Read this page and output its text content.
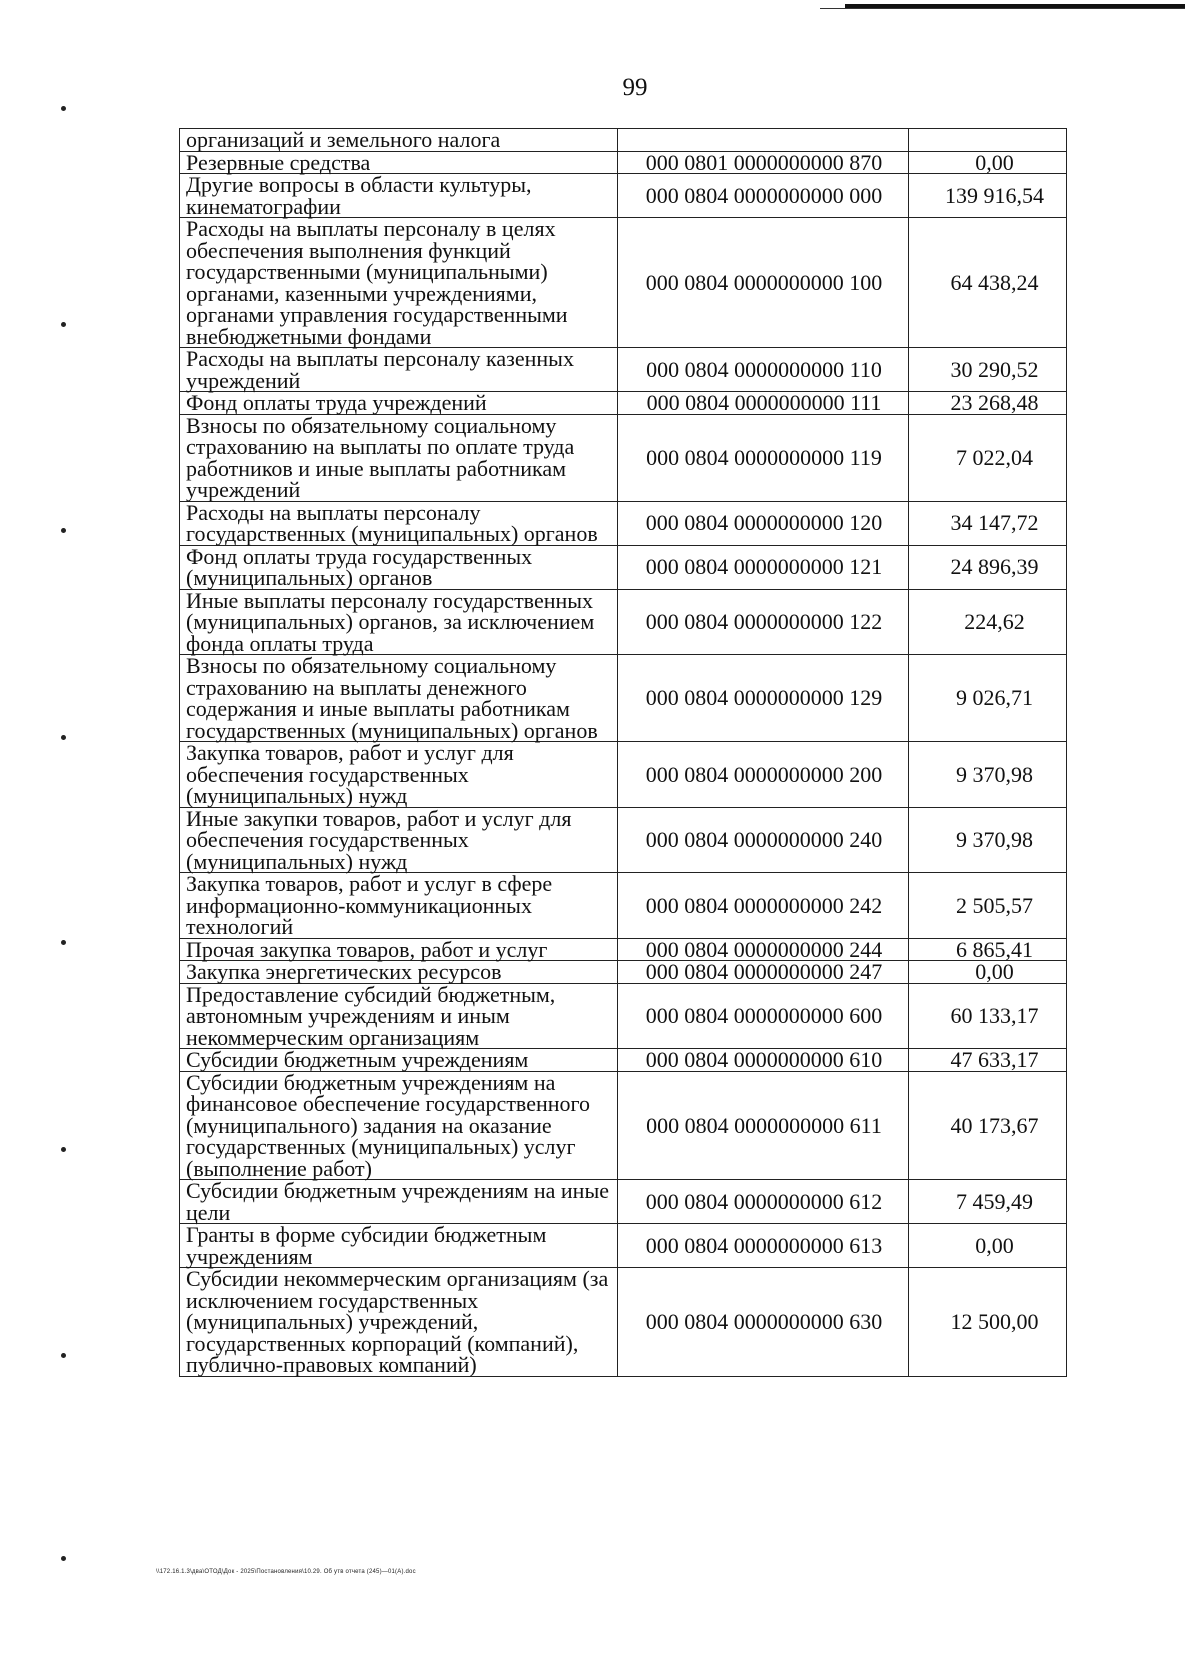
99
организаций и земельного налога		
Резервные средства	000 0801 0000000000 870	0,00
Другие вопросы в области культуры, кинематографии	000 0804 0000000000 000	139 916,54
Расходы на выплаты персоналу в целях обеспечения выполнения функций государственными (муниципальными) органами, казенными учреждениями, органами управления государственными внебюджетными фондами	000 0804 0000000000 100	64 438,24
Расходы на выплаты персоналу казенных учреждений	000 0804 0000000000 110	30 290,52
Фонд оплаты труда учреждений	000 0804 0000000000 111	23 268,48
Взносы по обязательному социальному страхованию на выплаты по оплате труда работников и иные выплаты работникам учреждений	000 0804 0000000000 119	7 022,04
Расходы на выплаты персоналу государственных (муниципальных) органов	000 0804 0000000000 120	34 147,72
Фонд оплаты труда государственных (муниципальных) органов	000 0804 0000000000 121	24 896,39
Иные выплаты персоналу государственных (муниципальных) органов, за исключением фонда оплаты труда	000 0804 0000000000 122	224,62
Взносы по обязательному социальному страхованию на выплаты денежного содержания и иные выплаты работникам государственных (муниципальных) органов	000 0804 0000000000 129	9 026,71
Закупка товаров, работ и услуг для обеспечения государственных (муниципальных) нужд	000 0804 0000000000 200	9 370,98
Иные закупки товаров, работ и услуг для обеспечения государственных (муниципальных) нужд	000 0804 0000000000 240	9 370,98
Закупка товаров, работ и услуг в сфере информационно-коммуникационных технологий	000 0804 0000000000 242	2 505,57
Прочая закупка товаров, работ и услуг	000 0804 0000000000 244	6 865,41
Закупка энергетических ресурсов	000 0804 0000000000 247	0,00
Предоставление субсидий бюджетным, автономным учреждениям и иным некоммерческим организациям	000 0804 0000000000 600	60 133,17
Субсидии бюджетным учреждениям	000 0804 0000000000 610	47 633,17
Субсидии бюджетным учреждениям на финансовое обеспечение государственного (муниципального) задания на оказание государственных (муниципальных) услуг (выполнение работ)	000 0804 0000000000 611	40 173,67
Субсидии бюджетным учреждениям на иные цели	000 0804 0000000000 612	7 459,49
Гранты в форме субсидии бюджетным учреждениям	000 0804 0000000000 613	0,00
Субсидии некоммерческим организациям (за исключением государственных (муниципальных) учреждений, государственных корпораций (компаний), публично-правовых компаний)	000 0804 0000000000 630	12 500,00
\\172.16.1.3\два\ОТОД\Док - 2025\Постановления\10.29. Об утв отчета (245)—01(А).doc
